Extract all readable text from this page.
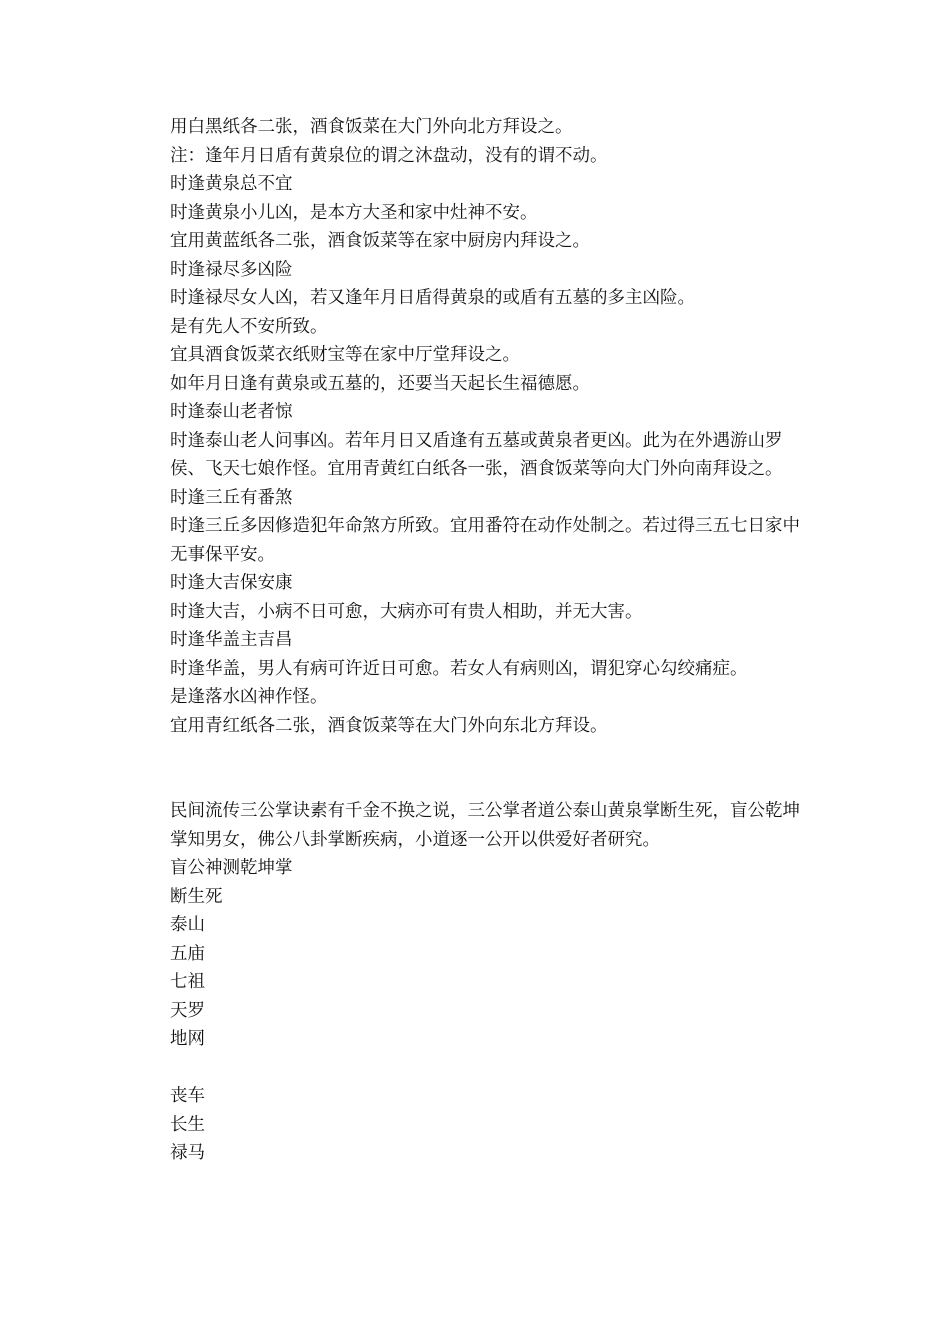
用白黑纸各二张，酒食饭菜在大门外向北方拜设之。

注：逢年月日盾有黄泉位的谓之沐盘动，没有的谓不动。

时逢黄泉总不宜

时逢黄泉小儿凶，是本方大圣和家中灶神不安。

宜用黄蓝纸各二张，酒食饭菜等在家中厨房内拜设之。

时逢禄尽多凶险

时逢禄尽女人凶，若又逢年月日盾得黄泉的或盾有五墓的多主凶险。

是有先人不安所致。

宜具酒食饭菜衣纸财宝等在家中厅堂拜设之。

如年月日逢有黄泉或五墓的，还要当天起长生福德愿。

时逢泰山老者惊

时逢泰山老人问事凶。若年月日又盾逢有五墓或黄泉者更凶。此为在外遇游山罗侯、飞天七娘作怪。宜用青黄红白纸各一张，酒食饭菜等向大门外向南拜设之。

时逢三丘有番煞

时逢三丘多因修造犯年命煞方所致。宜用番符在动作处制之。若过得三五七日家中无事保平安。

时逢大吉保安康

时逢大吉，小病不日可愈，大病亦可有贵人相助，并无大害。

时逢华盖主吉昌

时逢华盖，男人有病可许近日可愈。若女人有病则凶，谓犯穿心勾绞痛症。

是逢落水凶神作怪。

宜用青红纸各二张，酒食饭菜等在大门外向东北方拜设。

民间流传三公掌诀素有千金不换之说，三公掌者道公泰山黄泉掌断生死，盲公乾坤掌知男女，佛公八卦掌断疾病，小道逐一公开以供爱好者研究。

盲公神测乾坤掌

断生死

泰山

五庙

七祖

天罗

地网

丧车

长生

禄马
